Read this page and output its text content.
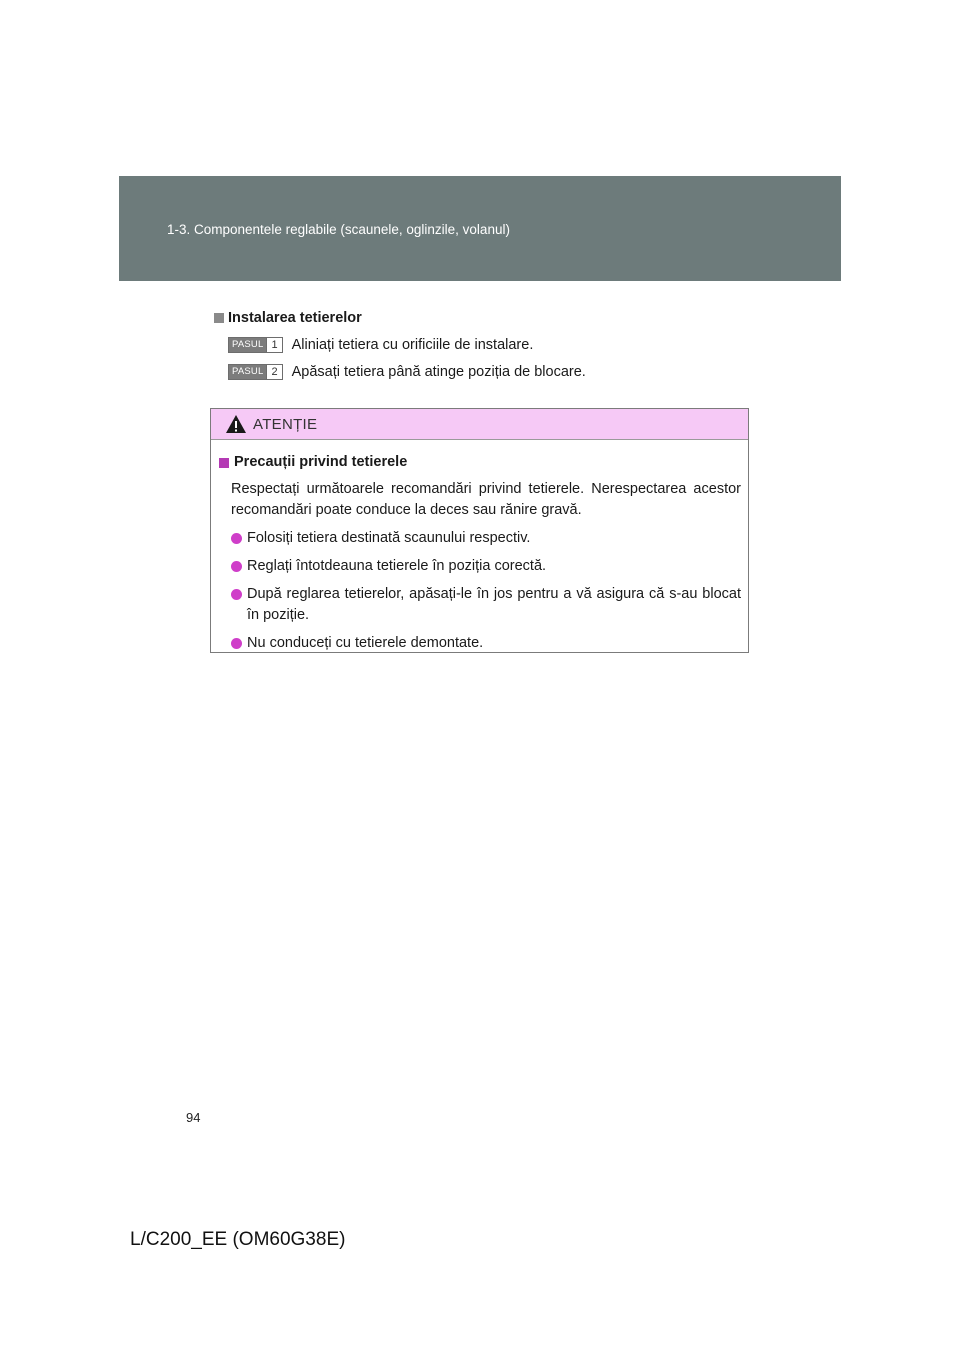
1-3. Componentele reglabile (scaunele, oglinzile, volanul)
Instalarea tetierelor
PASUL 1 Aliniați tetiera cu orificiile de instalare.
PASUL 2 Apăsați tetiera până atinge poziția de blocare.
ATENȚIE
Precauții privind tetierele
Respectați următoarele recomandări privind tetierele. Nerespectarea acestor recomandări poate conduce la deces sau rănire gravă.
Folosiți tetiera destinată scaunului respectiv.
Reglați întotdeauna tetierele în poziția corectă.
După reglarea tetierelor, apăsați-le în jos pentru a vă asigura că s-au blocat în poziție.
Nu conduceți cu tetierele demontate.
94
L/C200_EE (OM60G38E)
